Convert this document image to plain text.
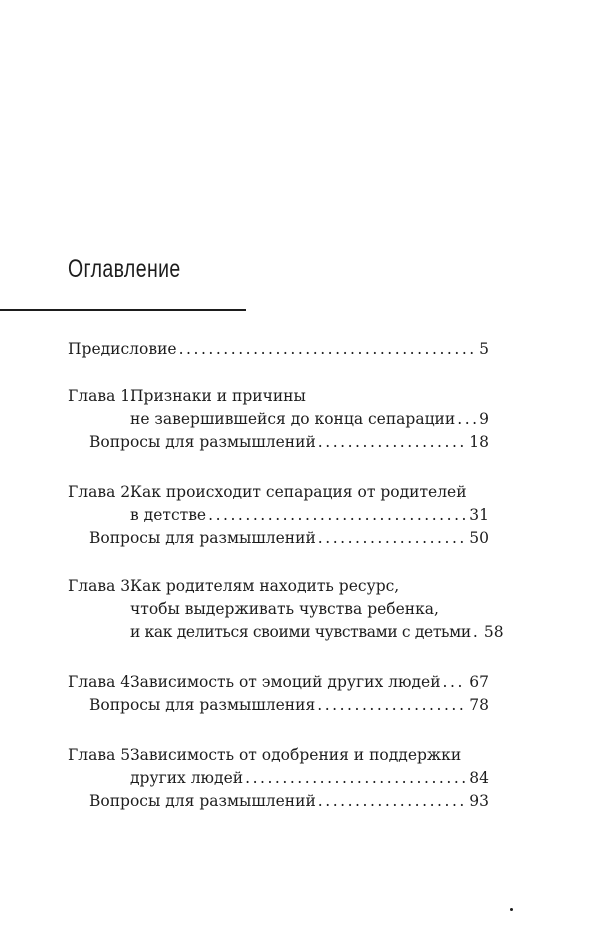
Оглавление
Предисловие . . .	5
Глава 1.
Признаки и причины
не завершившейся до конца сепарации . . . 9
Вопросы для размышлений . . .	18
Глава 2.
Как происходит сепарация от родителей
в детстве . . .	31
Вопросы для размышлений . . .	50
Глава 3.
Как родителям находить ресурс,
чтобы выдерживать чувства ребенка,
и как делиться своими чувствами с детьми . . . 58
Глава 4.
Зависимость от эмоций других людей . . . 67
Вопросы для размышления . . .	78
Глава 5.
Зависимость от одобрения и поддержки
других людей . . .	84
Вопросы для размышлений . . .	93
